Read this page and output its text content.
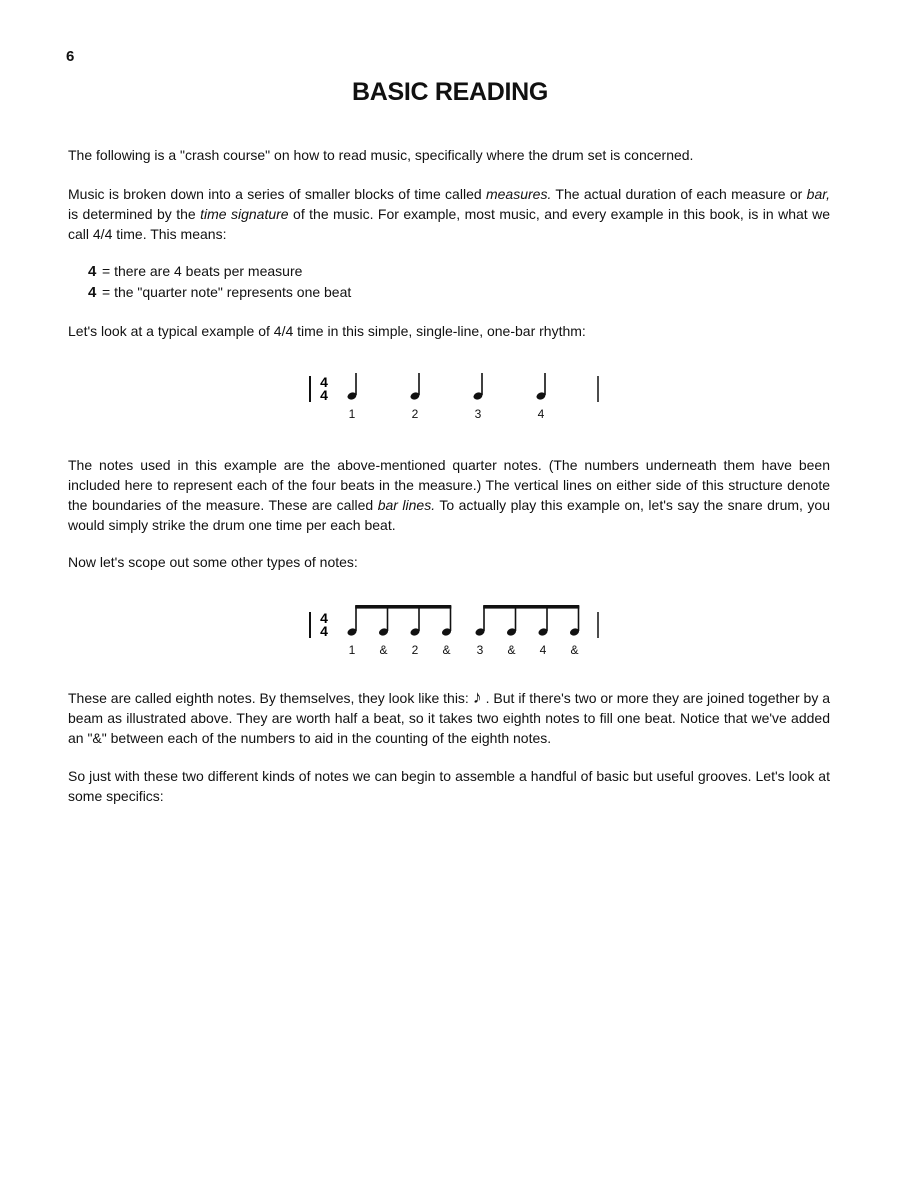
6
BASIC READING

The following is a "crash course" on how to read music, specifically where the drum set is concerned.

Music is broken down into a series of smaller blocks of time called measures. The actual duration of each measure or bar, is determined by the time signature of the music. For example, most music, and every example in this book, is in what we call 4/4 time. This means:

4 = there are 4 beats per measure
4 = the "quarter note" represents one beat

Let's look at a typical example of 4/4 time in this simple, single-line, one-bar rhythm:

4
4
1	2	3	4

The notes used in this example are the above-mentioned quarter notes. (The numbers underneath them have been included here to represent each of the four beats in the measure.) The vertical lines on either side of this structure denote the boundaries of the measure. These are called bar lines. To actually play this example on, let's say the snare drum, you would simply strike the drum one time per each beat.

Now let's scope out some other types of notes:

4
4
1 & 2 & 3 & 4 &

These are called eighth notes. By themselves, they look like this: ♪ . But if there's two or more they are joined together by a beam as illustrated above. They are worth half a beat, so it takes two eighth notes to fill one beat. Notice that we've added an "&" between each of the numbers to aid in the counting of the eighth notes.

So just with these two different kinds of notes we can begin to assemble a handful of basic but useful grooves. Let's look at some specifics:
